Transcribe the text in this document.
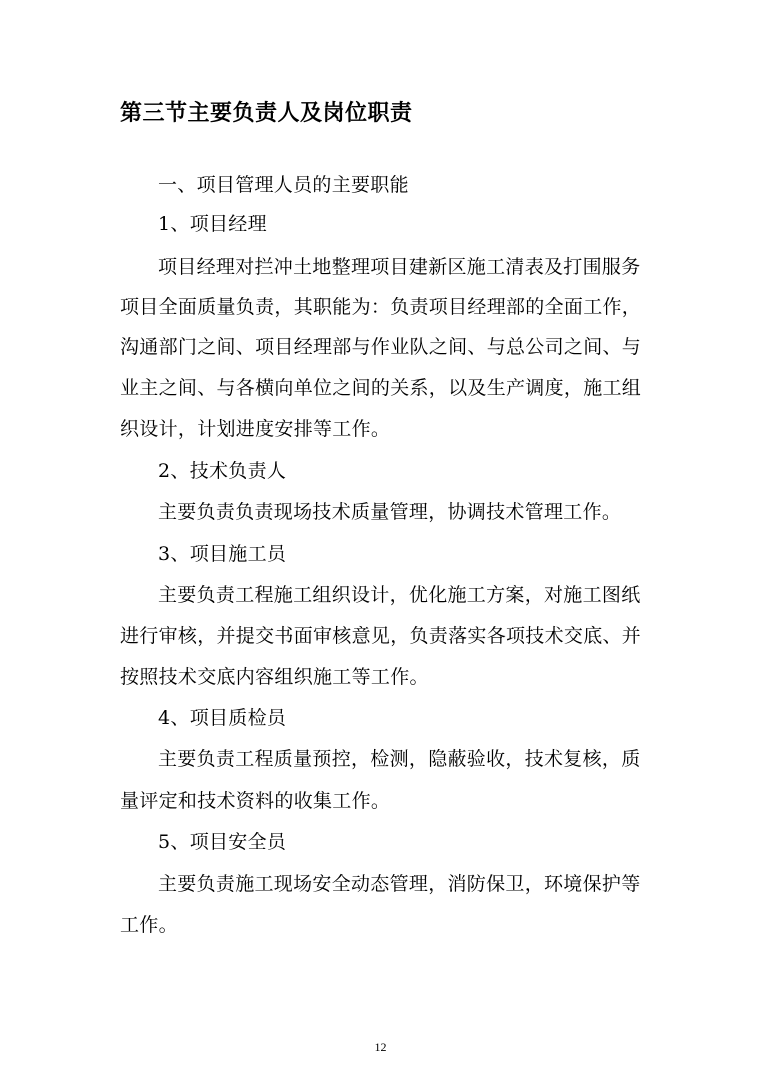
第三节主要负责人及岗位职责
一、项目管理人员的主要职能
1、项目经理
项目经理对拦冲土地整理项目建新区施工清表及打围服务
项目全面质量负责，其职能为：负责项目经理部的全面工作，
沟通部门之间、项目经理部与作业队之间、与总公司之间、与
业主之间、与各横向单位之间的关系，以及生产调度，施工组
织设计，计划进度安排等工作。
2、技术负责人
主要负责负责现场技术质量管理，协调技术管理工作。
3、项目施工员
主要负责工程施工组织设计，优化施工方案，对施工图纸
进行审核，并提交书面审核意见，负责落实各项技术交底、并
按照技术交底内容组织施工等工作。
4、项目质检员
主要负责工程质量预控，检测，隐蔽验收，技术复核，质
量评定和技术资料的收集工作。
5、项目安全员
主要负责施工现场安全动态管理，消防保卫，环境保护等
工作。
12
